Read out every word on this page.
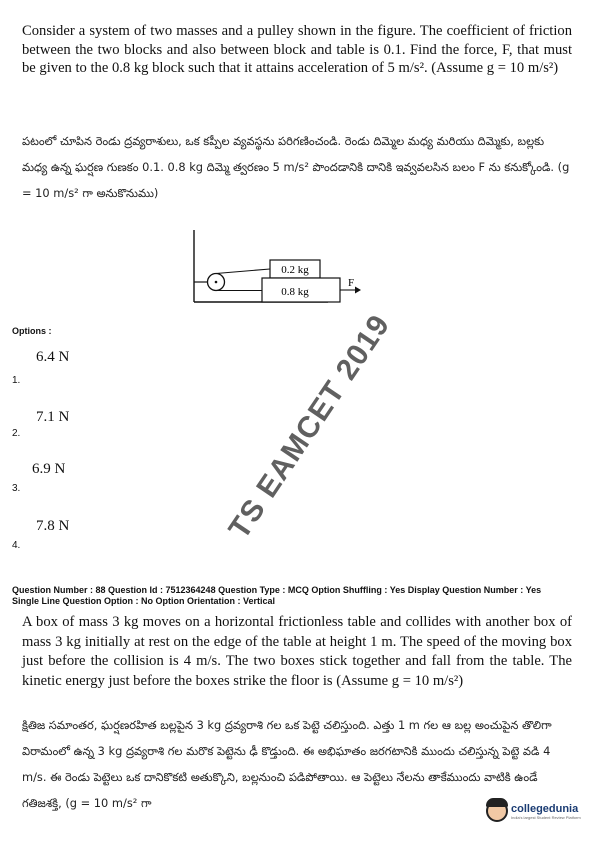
Consider a system of two masses and a pulley shown in the figure. The coefficient of friction between the two blocks and also between block and table is 0.1. Find the force, F, that must be given to the 0.8 kg block such that it attains acceleration of 5 m/s². (Assume g = 10 m/s²)
పటంలో చూపిన రెండు ద్రవ్యరాశులు, ఒక కప్పీల వ్యవస్థను పరిగణించండి. రెండు దిమ్మెల మధ్య మరియు దిమ్మెకు, బల్లకు మధ్య ఉన్న ఘర్షణ గుణకం 0.1. 0.8 kg దిమ్మె త్వరణం 5 m/s² పొందడానికి దానికి ఇవ్వవలసిన బలం F ను కనుక్కోండి. (g = 10 m/s² గా అనుకొనుము)
0.2 kg
0.8 kg
F
Options :
6.4 N
1.
7.1 N
2.
6.9 N
3.
7.8 N
4.
TS EAMCET 2019
Question Number : 88 Question Id : 7512364248 Question Type : MCQ Option Shuffling : Yes Display Question Number : Yes
Single Line Question Option : No Option Orientation : Vertical
A box of mass 3 kg moves on a horizontal frictionless table and collides with another box of mass 3 kg initially at rest on the edge of the table at height 1 m. The speed of the moving box just before the collision is 4 m/s. The two boxes stick together and fall from the table. The kinetic energy just before the boxes strike the floor is (Assume g = 10 m/s²)
క్షితిజ సమాంతర, ఘర్షణరహిత బల్లపైన 3 kg ద్రవ్యరాశి గల ఒక పెట్టె చలిస్తుంది. ఎత్తు 1 m గల ఆ బల్ల అంచుపైన తొలిగా విరామంలో ఉన్న 3 kg ద్రవ్యరాశి గల మరొక పెట్టెను ఢీ కొడ్తుంది. ఈ అభిఘాతం జరగటానికి ముందు చలిస్తున్న పెట్టె వడి 4 m/s. ఈ రెండు పెట్టెలు ఒక దానికొకటి అతుక్కొని, బల్లనుంచి పడిపోతాయి. ఆ పెట్టెలు నేలను తాకేముందు వాటికి ఉండే గతిజశక్తి, (g = 10 m/s² గా	collegedunia
India's largest Student Review Platform
